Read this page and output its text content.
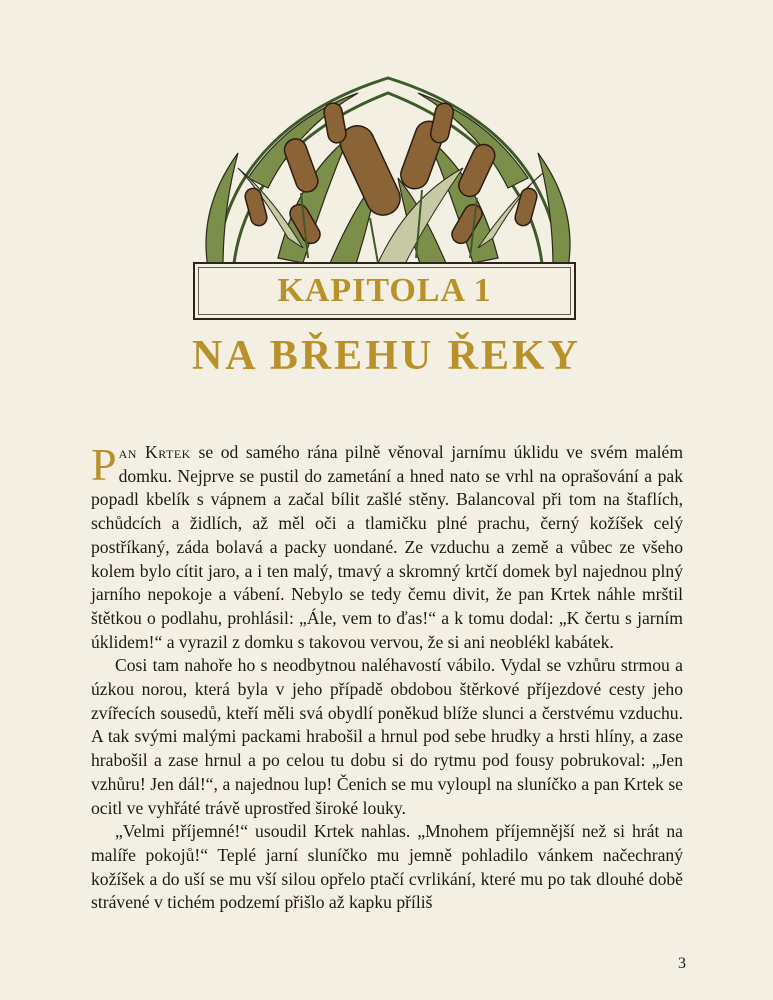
KAPITOLA 1
NA BŘEHU ŘEKY

Pan Krtek se od samého rána pilně věnoval jarnímu úklidu ve svém malém domku. Nejprve se pustil do zametání a hned nato se vrhl na oprašování a pak popadl kbelík s vápnem a začal bílit zašlé stěny. Balancoval při tom na štaflích, schůdcích a židlích, až měl oči a tlamičku plné prachu, černý kožíšek celý postříkaný, záda bolavá a packy uondané. Ze vzduchu a země a vůbec ze všeho kolem bylo cítit jaro, a i ten malý, tmavý a skromný krtčí domek byl najednou plný jarního nepokoje a vábení. Nebylo se tedy čemu divit, že pan Krtek náhle mrštil štětkou o podlahu, prohlásil: „Ále, vem to ďas!“ a k tomu dodal: „K čertu s jarním úklidem!“ a vyrazil z domku s takovou vervou, že si ani neoblékl kabátek.

Cosi tam nahoře ho s neodbytnou naléhavostí vábilo. Vydal se vzhůru strmou a úzkou norou, která byla v jeho případě obdobou štěrkové příjezdové cesty jeho zvířecích sousedů, kteří měli svá obydlí poněkud blíže slunci a čerstvému vzduchu. A tak svými malými packami hrabošil a hrnul pod sebe hrudky a hrsti hlíny, a zase hrabošil a zase hrnul a po celou tu dobu si do rytmu pod fousy pobrukoval: „Jen vzhůru! Jen dál!“, a najednou lup! Čenich se mu vyloupl na sluníčko a pan Krtek se ocitl ve vyhřáté trávě uprostřed široké louky.

„Velmi příjemné!“ usoudil Krtek nahlas. „Mnohem příjemnější než si hrát na malíře pokojů!“ Teplé jarní sluníčko mu jemně pohladilo vánkem načechraný kožíšek a do uší se mu vší silou opřelo ptačí cvrlikání, které mu po tak dlouhé době strávené v tichém podzemí přišlo až kapku příliš

3
